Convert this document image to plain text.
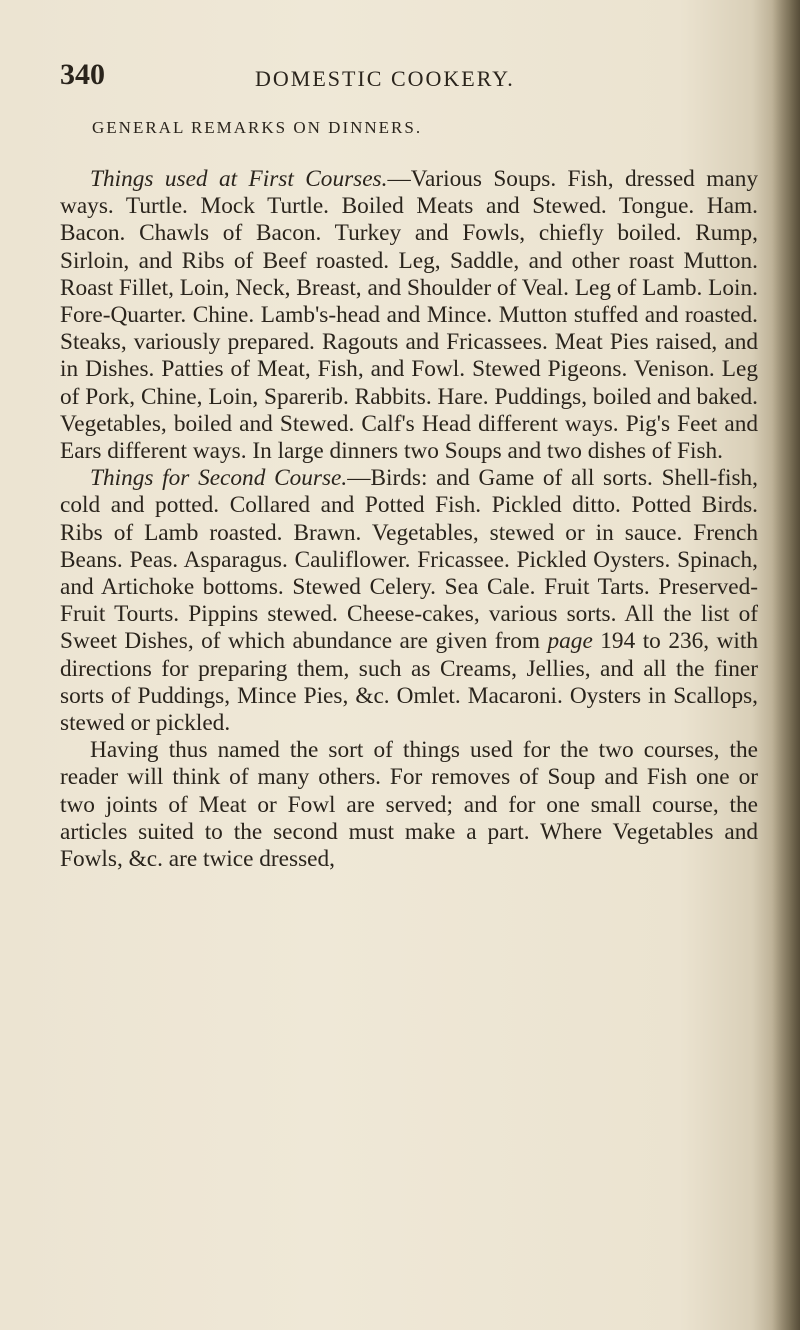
340	DOMESTIC COOKERY.
GENERAL REMARKS ON DINNERS.

Things used at First Courses.—Various Soups. Fish, dressed many ways. Turtle. Mock Turtle. Boiled Meats and Stewed. Tongue. Ham. Bacon. Chawls of Bacon. Turkey and Fowls, chiefly boiled. Rump, Sirloin, and Ribs of Beef roasted. Leg, Saddle, and other roast Mutton. Roast Fillet, Loin, Neck, Breast, and Shoulder of Veal. Leg of Lamb. Loin. Fore-Quarter. Chine. Lamb's-head and Mince. Mutton stuffed and roasted. Steaks, variously prepared. Ragouts and Fricassees. Meat Pies raised, and in Dishes. Patties of Meat, Fish, and Fowl. Stewed Pigeons. Venison. Leg of Pork, Chine, Loin, Sparerib. Rabbits. Hare. Puddings, boiled and baked. Vegetables, boiled and Stewed. Calf's Head different ways. Pig's Feet and Ears different ways. In large dinners two Soups and two dishes of Fish.

Things for Second Course.—Birds: and Game of all sorts. Shell-fish, cold and potted. Collared and Potted Fish. Pickled ditto. Potted Birds. Ribs of Lamb roasted. Brawn. Vegetables, stewed or in sauce. French Beans. Peas. Asparagus. Cauliflower. Fricassee. Pickled Oysters. Spinach, and Artichoke bottoms. Stewed Celery. Sea Cale. Fruit Tarts. Preserved-Fruit Tourts. Pippins stewed. Cheese-cakes, various sorts. All the list of Sweet Dishes, of which abundance are given from page 194 to 236, with directions for preparing them, such as Creams, Jellies, and all the finer sorts of Puddings, Mince Pies, &c. Omlet. Macaroni. Oysters in Scallops, stewed or pickled.

Having thus named the sort of things used for the two courses, the reader will think of many others. For removes of Soup and Fish one or two joints of Meat or Fowl are served; and for one small course, the articles suited to the second must make a part. Where Vegetables and Fowls, &c. are twice dressed,
